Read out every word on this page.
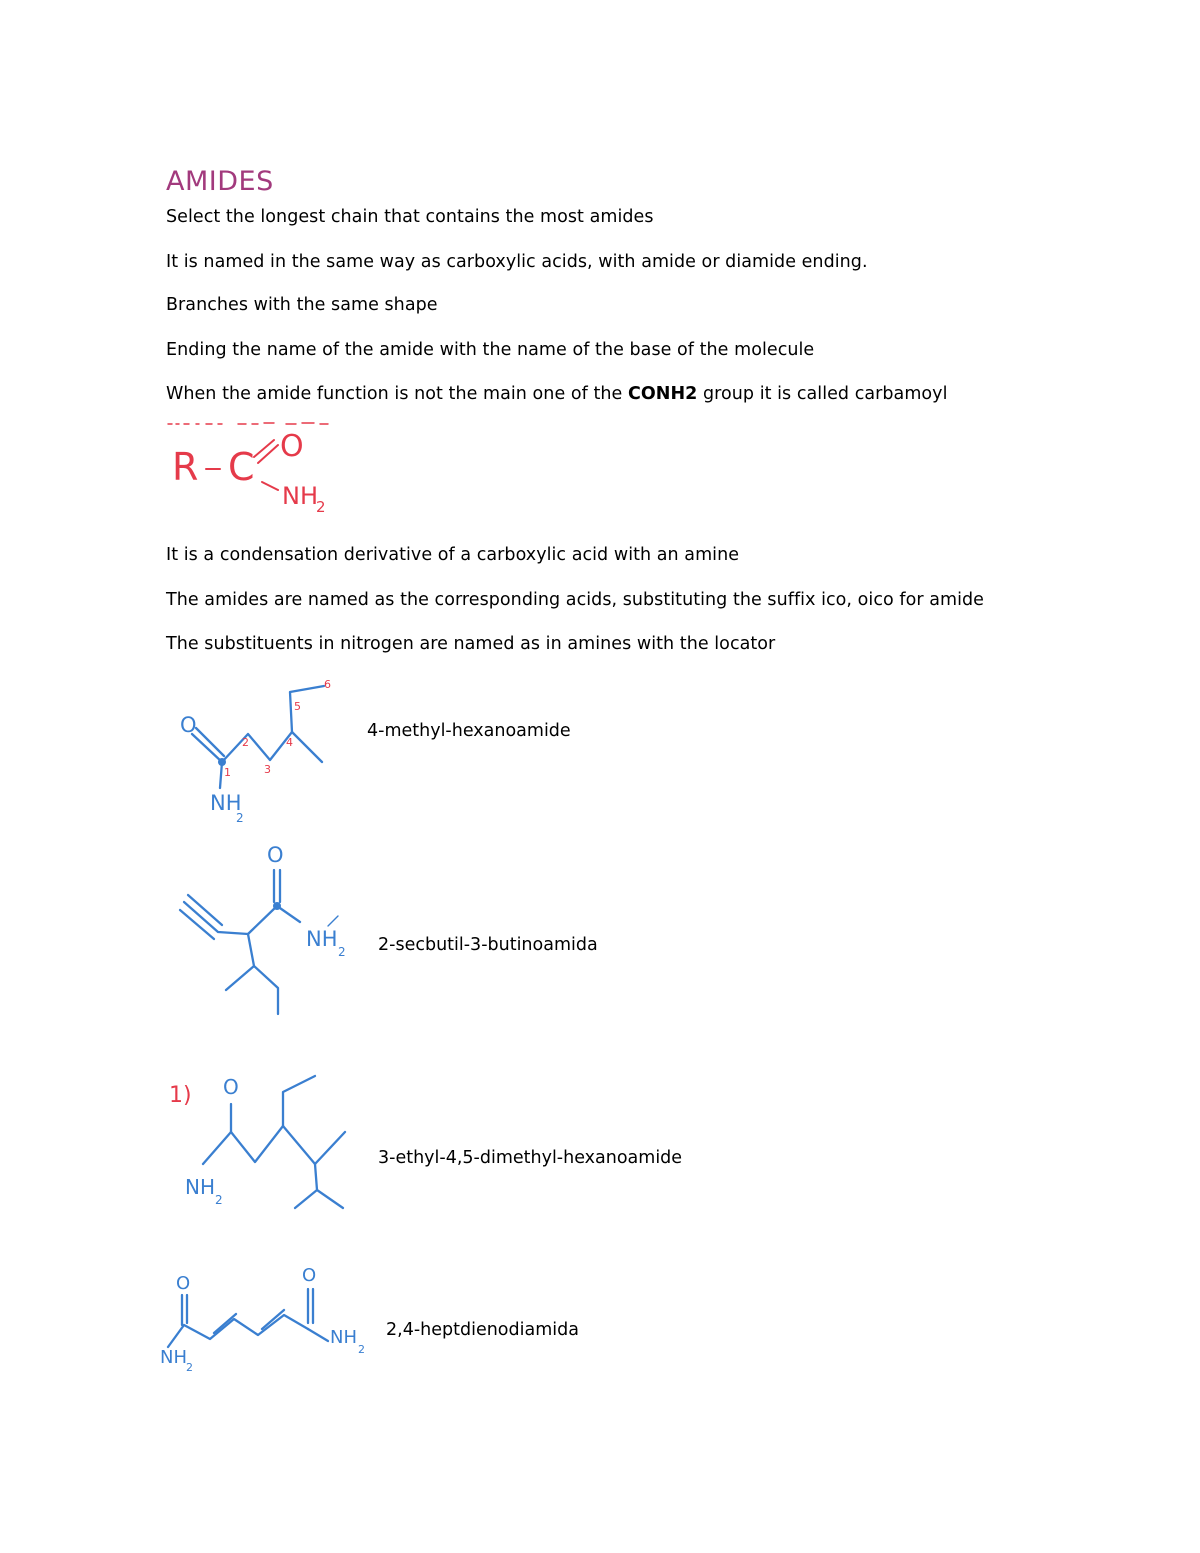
AMIDES
Select the longest chain that contains the most amides
It is named in the same way as carboxylic acids, with amide or diamide ending.
Branches with the same shape
Ending the name of the amide with the name of the base of the molecule
When the amide function is not the main one of the CONH2 group it is called carbamoyl
R C O
NH
2
It is a condensation derivative of a carboxylic acid with an amine
The amides are named as the corresponding acids, substituting the suffix ico, oico for amide
The substituents in nitrogen are named as in amines with the locator
O
NH
2
1
2
3
4
5
6
4-methyl-hexanoamide
O
NH
2 2-secbutil-3-butinoamida
1) O
NH
2
3-ethyl-4,5-dimethyl-hexanoamide
O	O
NH
2
NH 2
2,4-heptdienodiamida
